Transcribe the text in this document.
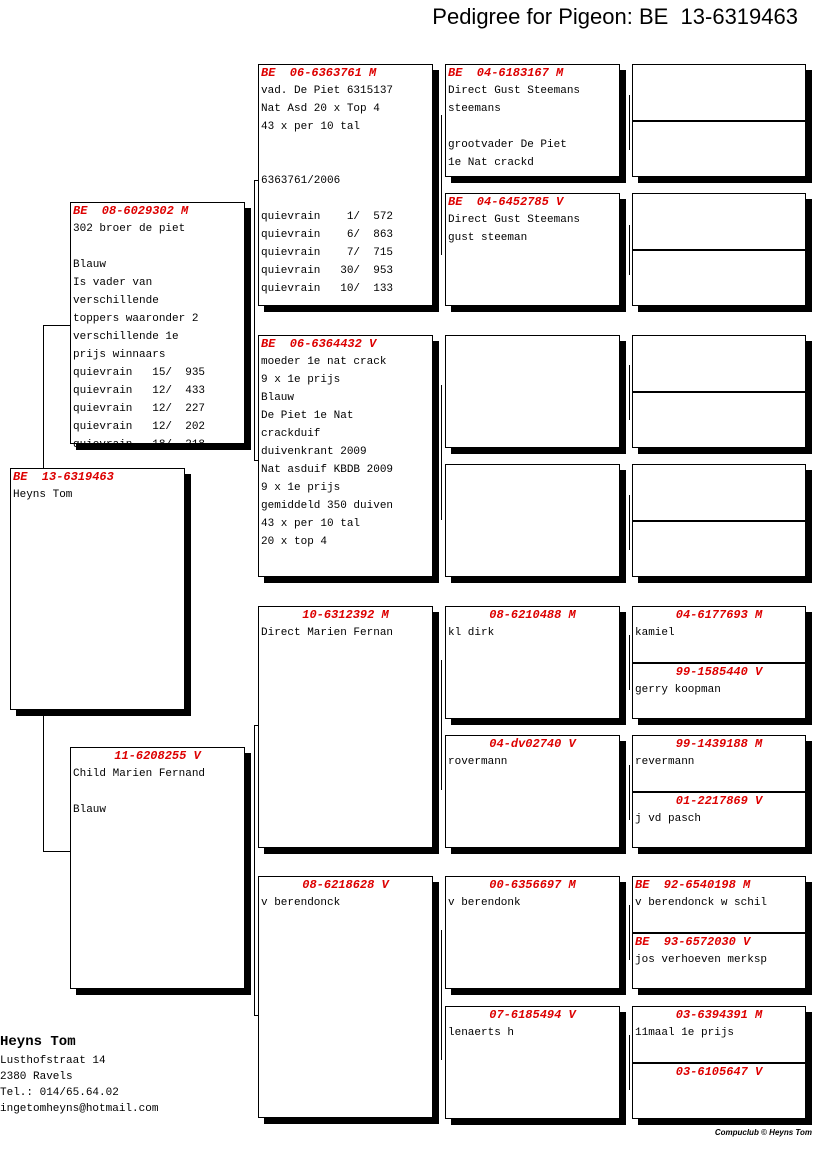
Pedigree for Pigeon: BE  13-6319463
BE  13-6319463
Heyns Tom
BE  08-6029302 M
302 broer de piet

Blauw
Is vader van
verschillende
toppers waaronder 2
verschillende 1e
prijs winnaars
quievrain   15/  935
quievrain   12/  433
quievrain   12/  227
quievrain   12/  202
quievrain   18/  218
11-6208255 V
Child Marien Fernand

Blauw
BE  06-6363761 M
vad. De Piet 6315137
Nat Asd 20 x Top 4
43 x per 10 tal

6363761/2006

quievrain    1/  572
quievrain    6/  863
quievrain    7/  715
quievrain   30/  953
quievrain   10/  133
BE  06-6364432 V
moeder 1e nat crack
9 x 1e prijs
Blauw
De Piet 1e Nat
crackduif
duivenkrant 2009
Nat asduif KBDB 2009
9 x 1e prijs
gemiddeld 350 duiven
43 x per 10 tal
20 x top 4
10-6312392 M
Direct Marien Fernan
08-6218628 V
v berendonck
BE  04-6183167 M
Direct Gust Steemans
steemans

grootvader De Piet
1e Nat crackd
BE  04-6452785 V
Direct Gust Steemans
gust steeman

08-6210488 M
kl dirk
04-dv02740 V
rovermann
00-6356697 M
v berendonk
07-6185494 V
lenaerts h

04-6177693 M
kamiel
99-1585440 V
gerry koopman
99-1439188 M
revermann
01-2217869 V
j vd pasch
BE  92-6540198 M
v berendonck w schil
BE  93-6572030 V
jos verhoeven merksp
03-6394391 M
11maal 1e prijs
03-6105647 V
Heyns Tom
Lusthofstraat 14
2380 Ravels
Tel.: 014/65.64.02
ingetomheyns@hotmail.com
Compuclub © Heyns Tom
